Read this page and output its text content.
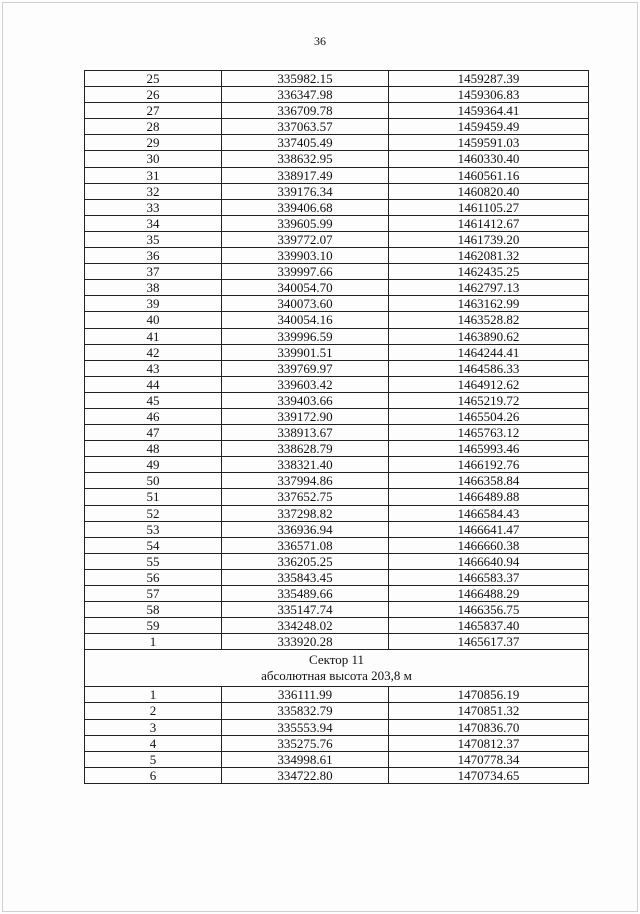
36
25	335982.15	1459287.39
26	336347.98	1459306.83
27	336709.78	1459364.41
28	337063.57	1459459.49
29	337405.49	1459591.03
30	338632.95	1460330.40
31	338917.49	1460561.16
32	339176.34	1460820.40
33	339406.68	1461105.27
34	339605.99	1461412.67
35	339772.07	1461739.20
36	339903.10	1462081.32
37	339997.66	1462435.25
38	340054.70	1462797.13
39	340073.60	1463162.99
40	340054.16	1463528.82
41	339996.59	1463890.62
42	339901.51	1464244.41
43	339769.97	1464586.33
44	339603.42	1464912.62
45	339403.66	1465219.72
46	339172.90	1465504.26
47	338913.67	1465763.12
48	338628.79	1465993.46
49	338321.40	1466192.76
50	337994.86	1466358.84
51	337652.75	1466489.88
52	337298.82	1466584.43
53	336936.94	1466641.47
54	336571.08	1466660.38
55	336205.25	1466640.94
56	335843.45	1466583.37
57	335489.66	1466488.29
58	335147.74	1466356.75
59	334248.02	1465837.40
1	333920.28	1465617.37

Сектор 11
абсолютная высота 203,8 м		

1	336111.99	1470856.19
2	335832.79	1470851.32
3	335553.94	1470836.70
4	335275.76	1470812.37
5	334998.61	1470778.34
6	334722.80	1470734.65
